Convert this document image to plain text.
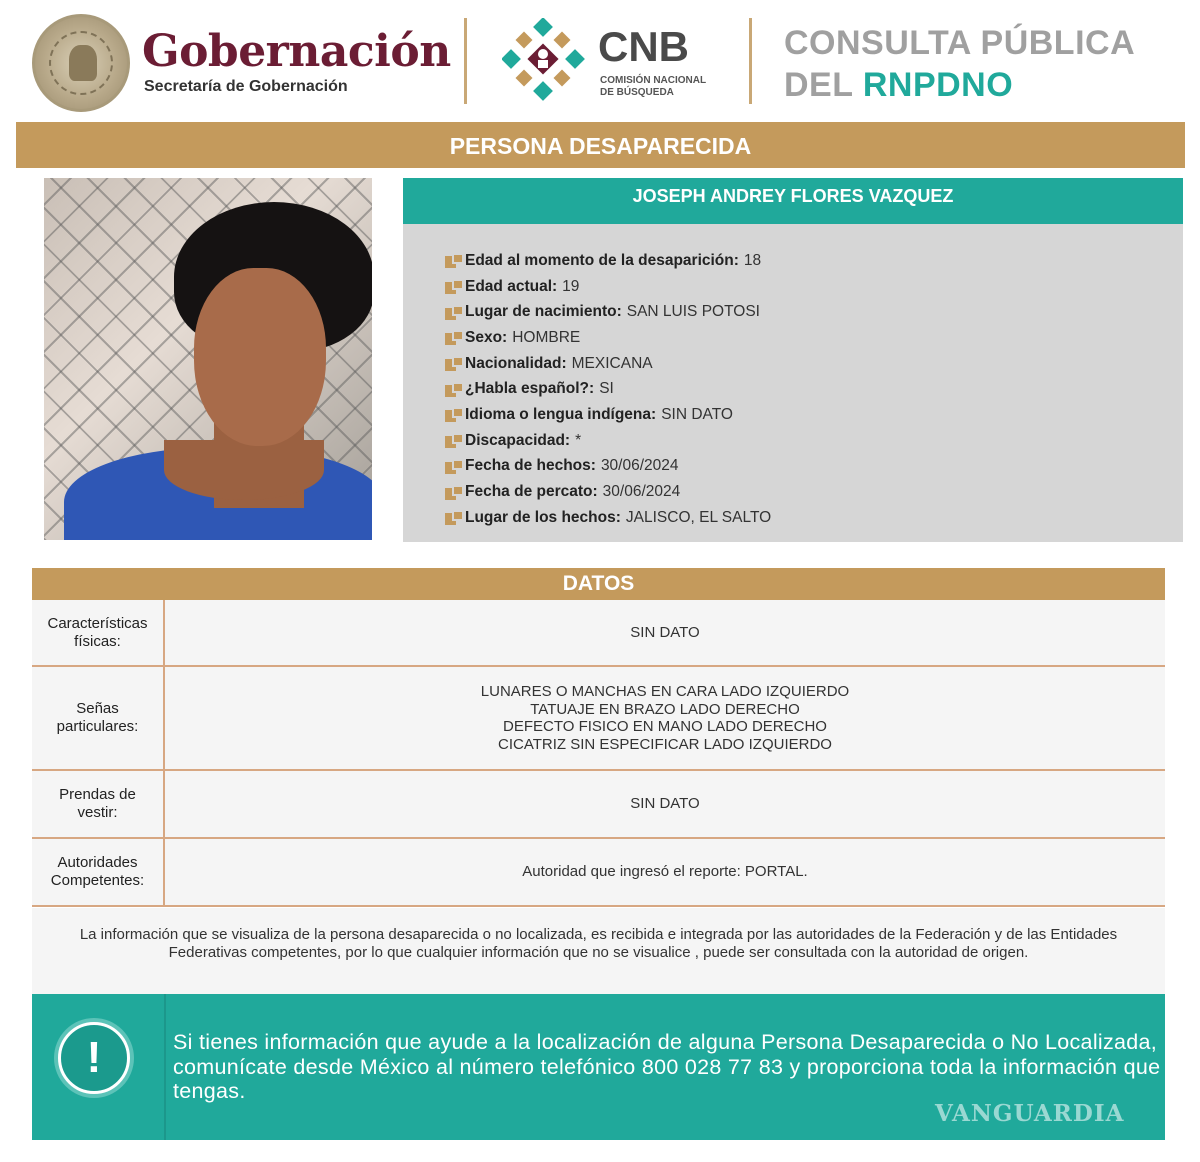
Gobernación
Secretaría de Gobernación
CNB
COMISIÓN NACIONAL
DE BÚSQUEDA
CONSULTA PÚBLICA
DEL RNPDNO
PERSONA DESAPARECIDA
JOSEPH ANDREY FLORES VAZQUEZ
Edad al momento de la desaparición: 18
Edad actual: 19
Lugar de nacimiento: SAN LUIS POTOSI
Sexo: HOMBRE
Nacionalidad: MEXICANA
¿Habla español?: SI
Idioma o lengua indígena: SIN DATO
Discapacidad: *
Fecha de hechos: 30/06/2024
Fecha de percato: 30/06/2024
Lugar de los hechos: JALISCO, EL SALTO
DATOS
Características
físicas:
SIN DATO
Señas
particulares:
LUNARES O MANCHAS EN CARA LADO IZQUIERDO
TATUAJE EN BRAZO LADO DERECHO
DEFECTO FISICO EN MANO LADO DERECHO
CICATRIZ SIN ESPECIFICAR LADO IZQUIERDO
Prendas de
vestir:
SIN DATO
Autoridades
Competentes:
Autoridad que ingresó el reporte: PORTAL.
La información que se visualiza de la persona desaparecida o no localizada, es recibida e integrada por las autoridades de la Federación y de las Entidades Federativas competentes, por lo que cualquier información que no se visualice , puede ser consultada con la autoridad de origen.
!	Si tienes información que ayude a la localización de alguna Persona Desaparecida o No Localizada, comunícate desde México al número telefónico 800 028 77 83 y proporciona toda la información que tengas.
VANGUARDIA
